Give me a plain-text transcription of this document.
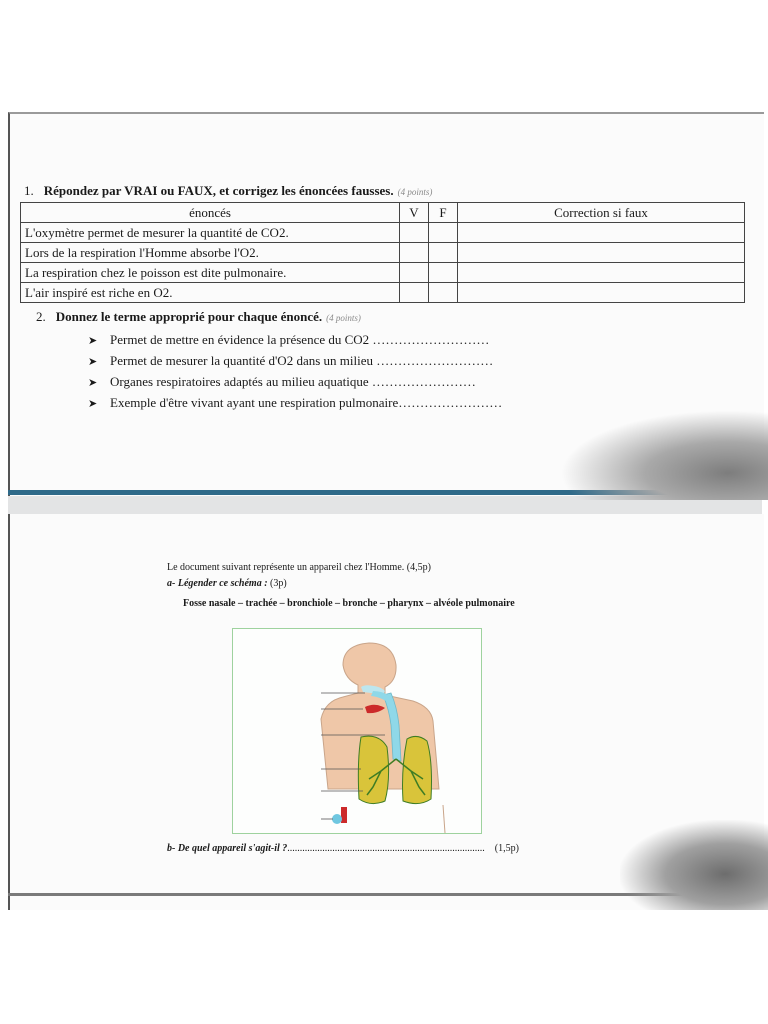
1. Répondez par VRAI ou FAUX, et corrigez les énoncées fausses. (4 points)
énoncés	V	F	Correction si faux
L'oxymètre permet de mesurer la quantité de CO2.			
Lors de la respiration l'Homme absorbe l'O2.			
La respiration chez le poisson est dite pulmonaire.			
L'air inspiré est riche en O2.			
2. Donnez le terme approprié pour chaque énoncé. (4 points)
➤ Permet de mettre en évidence la présence du CO2 ………………………
➤ Permet de mesurer la quantité d'O2 dans un milieu ………………………
➤ Organes respiratoires adaptés au milieu aquatique ……………………
➤ Exemple d'être vivant ayant une respiration pulmonaire……………………
Le document suivant représente un appareil chez l'Homme. (4,5p)
a- Légender ce schéma : (3p)
Fosse nasale – trachée – bronchiole – bronche – pharynx – alvéole pulmonaire
b- De quel appareil s'agit-il ?............................................................................... (1,5p)
